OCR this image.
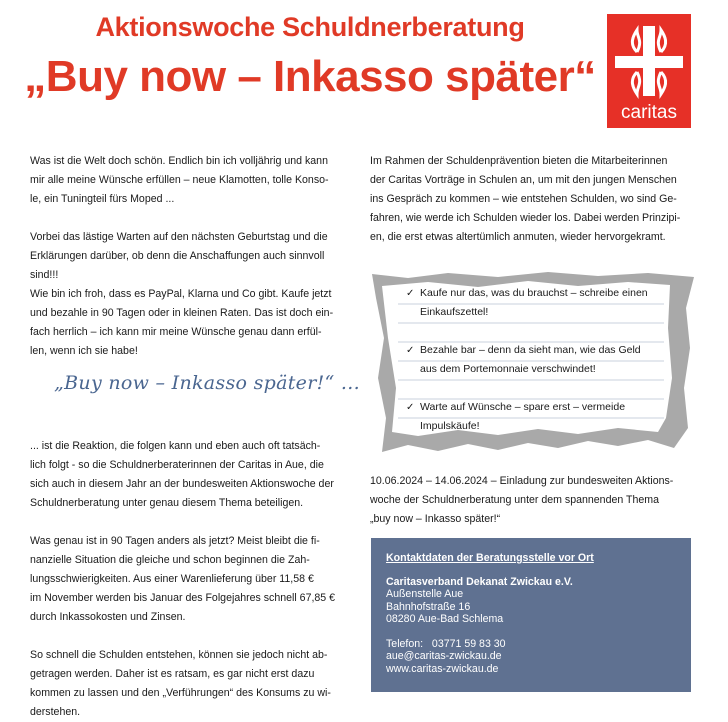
Aktionswoche Schuldnerberatung
„Buy now – Inkasso später“
caritas
Was ist die Welt doch schön. Endlich bin ich volljährig und kann
mir alle meine Wünsche erfüllen – neue Klamotten, tolle Konso-
le, ein Tuningteil fürs Moped ...
Vorbei das lästige Warten auf den nächsten Geburtstag und die
Erklärungen darüber, ob denn die Anschaffungen auch sinnvoll
sind!!!
Wie bin ich froh, dass es PayPal, Klarna und Co gibt. Kaufe jetzt
und bezahle in 90 Tagen oder in kleinen Raten. Das ist doch ein-
fach herrlich – ich kann mir meine Wünsche genau dann erfül-
len, wenn ich sie habe!
... ist die Reaktion, die folgen kann und eben auch oft tatsäch-
lich folgt - so die Schuldnerberaterinnen der Caritas in Aue, die
sich auch in diesem Jahr an der bundesweiten Aktionswoche der
Schuldnerberatung unter genau diesem Thema beteiligen.
Was genau ist in 90 Tagen anders als jetzt? Meist bleibt die fi-
nanzielle Situation die gleiche und schon beginnen die Zah-
lungsschwierigkeiten. Aus einer Warenlieferung über 11,58 €
im November werden bis Januar des Folgejahres schnell 67,85 €
durch Inkassokosten und Zinsen.
So schnell die Schulden entstehen, können sie jedoch nicht ab-
getragen werden. Daher ist es ratsam, es gar nicht erst dazu
kommen zu lassen und den „Verführungen“ des Konsums zu wi-
derstehen.
„Buy now – Inkasso später!“ ...
Im Rahmen der Schuldenprävention bieten die Mitarbeiterinnen
der Caritas Vorträge in Schulen an, um mit den jungen Menschen
ins Gespräch zu kommen – wie entstehen Schulden, wo sind Ge-
fahren, wie werde ich Schulden wieder los. Dabei werden Prinzipi-
en, die erst etwas altertümlich anmuten, wieder hervorgekramt.
✓ Kaufe nur das, was du brauchst – schreibe einen
Einkaufszettel!
✓ Bezahle bar – denn da sieht man, wie das Geld
aus dem Portemonnaie verschwindet!
✓ Warte auf Wünsche – spare erst – vermeide
Impulskäufe!
10.06.2024 – 14.06.2024 – Einladung zur bundesweiten Aktions-
woche der Schuldnerberatung unter dem spannenden Thema
„buy now – Inkasso später!“
Kontaktdaten der Beratungsstelle vor Ort
Caritasverband Dekanat Zwickau e.V.
Außenstelle Aue
Bahnhofstraße 16
08280 Aue-Bad Schlema
Telefon:   03771 59 83 30
aue@caritas-zwickau.de
www.caritas-zwickau.de
